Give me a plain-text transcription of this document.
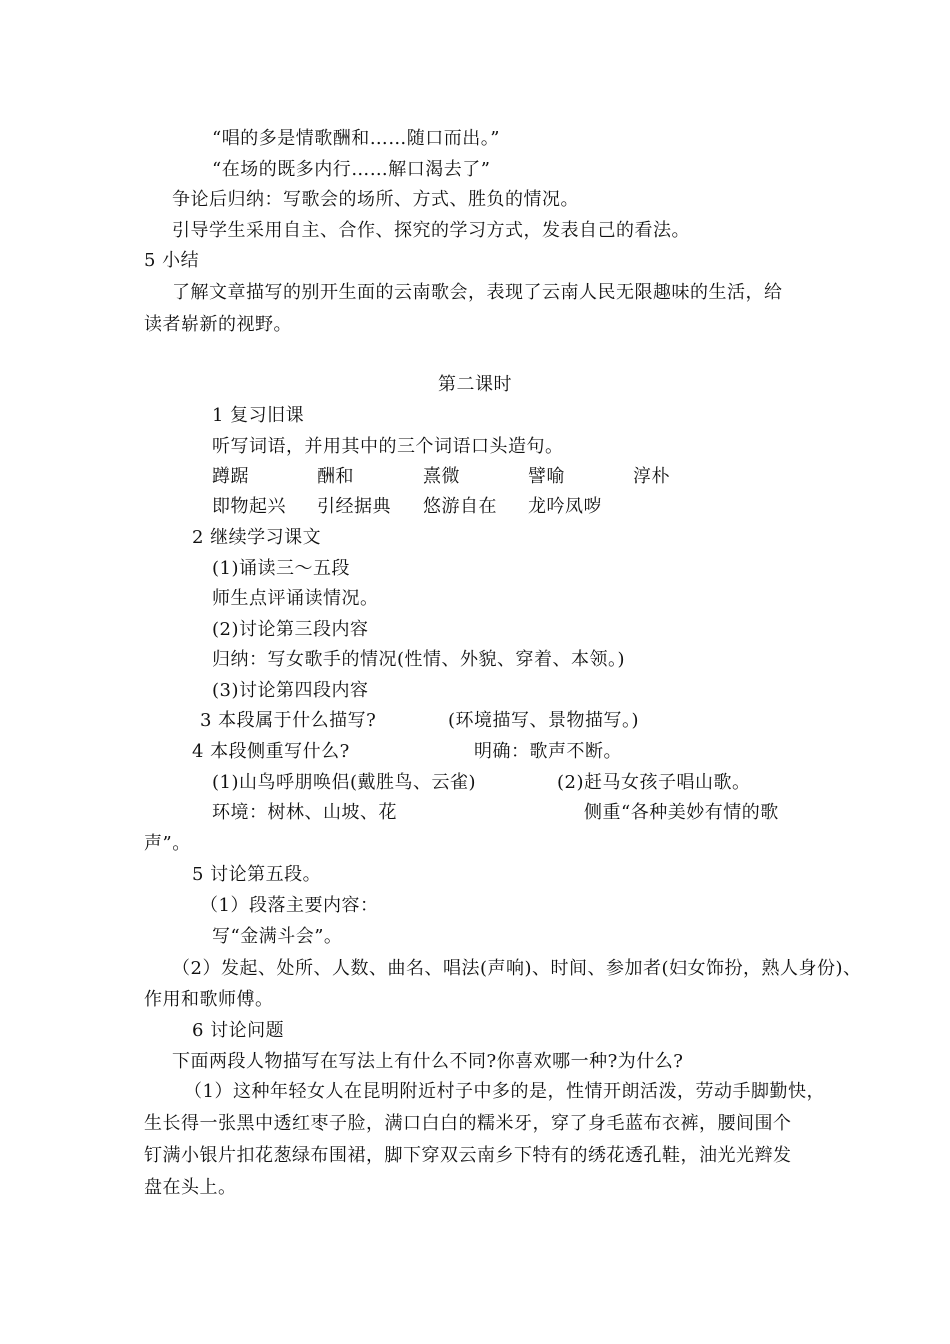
“唱的多是情歌酬和……随口而出。”
“在场的既多内行……解口渴去了”
争论后归纳：写歌会的场所、方式、胜负的情况。
引导学生采用自主、合作、探究的学习方式，发表自己的看法。
5 小结
了解文章描写的别开生面的云南歌会，表现了云南人民无限趣味的生活，给
读者崭新的视野。
第二课时
1 复习旧课
听写词语，并用其中的三个词语口头造句。
蹲踞	酬和	熹微	譬喻	淳朴
即物起兴 引经据典 悠游自在 龙吟凤哕
2 继续学习课文
(1)诵读三～五段
师生点评诵读情况。
(2)讨论第三段内容
归纳：写女歌手的情况(性情、外貌、穿着、本领。)
(3)讨论第四段内容
3 本段属于什么描写?	(环境描写、景物描写。)
4 本段侧重写什么?	明确：歌声不断。
(1)山鸟呼朋唤侣(戴胜鸟、云雀)	(2)赶马女孩子唱山歌。
环境：树林、山坡、花	侧重“各种美妙有情的歌
声”。
5 讨论第五段。
（1）段落主要内容：
写“金满斗会”。
（2）发起、处所、人数、曲名、唱法(声响)、时间、参加者(妇女饰扮，熟人身份)、
作用和歌师傅。
6 讨论问题
下面两段人物描写在写法上有什么不同?你喜欢哪一种?为什么?
（1）这种年轻女人在昆明附近村子中多的是，性情开朗活泼，劳动手脚勤快，
生长得一张黑中透红枣子脸，满口白白的糯米牙，穿了身毛蓝布衣裤，腰间围个
钉满小银片扣花葱绿布围裙，脚下穿双云南乡下特有的绣花透孔鞋，油光光辫发
盘在头上。
